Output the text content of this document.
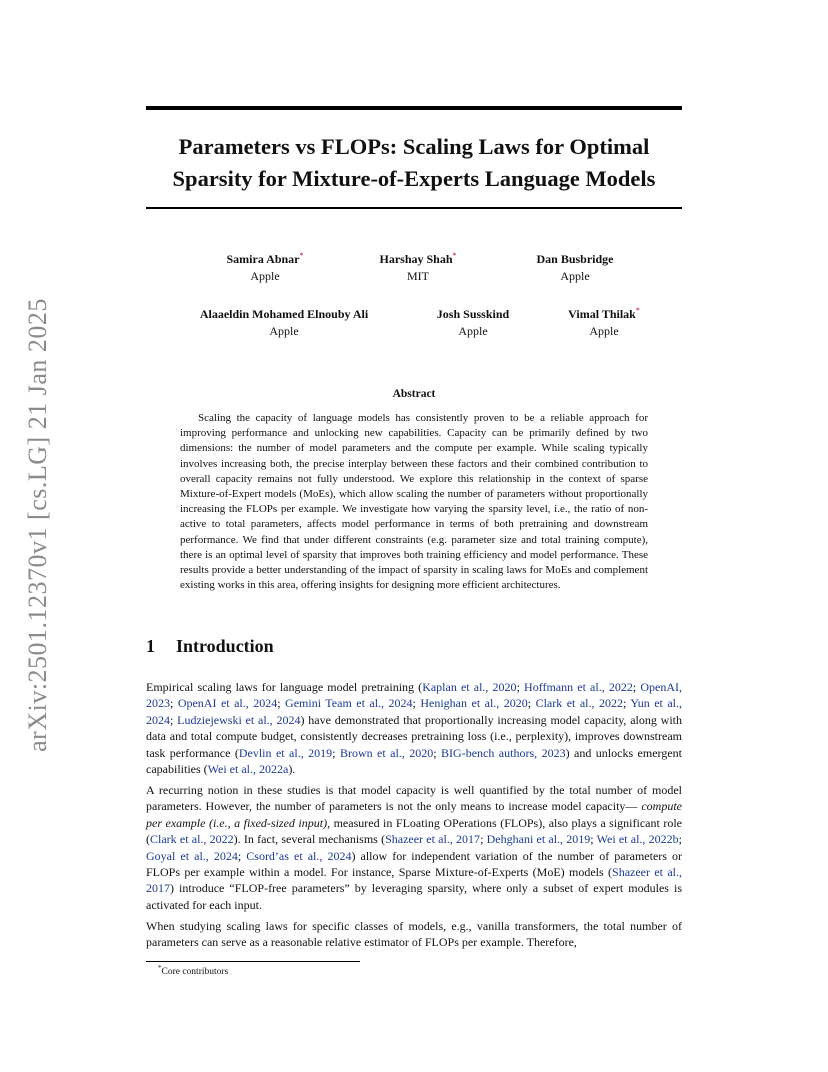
arXiv:2501.12370v1 [cs.LG] 21 Jan 2025
Parameters vs FLOPs: Scaling Laws for Optimal
Sparsity for Mixture-of-Experts Language Models
Samira Abnar*
Apple
Harshay Shah*
MIT
Dan Busbridge
Apple
Alaaeldin Mohamed Elnouby Ali
Apple
Josh Susskind
Apple
Vimal Thilak*
Apple
Abstract
Scaling the capacity of language models has consistently proven to be a reliable approach for improving performance and unlocking new capabilities. Capacity can be primarily defined by two dimensions: the number of model parameters and the compute per example. While scaling typically involves increasing both, the precise interplay between these factors and their combined contribution to overall capacity remains not fully understood. We explore this relationship in the context of sparse Mixture-of-Expert models (MoEs), which allow scaling the number of parameters without proportionally increasing the FLOPs per example. We investigate how varying the sparsity level, i.e., the ratio of non-active to total parameters, affects model performance in terms of both pretraining and downstream performance. We find that under different constraints (e.g. parameter size and total training compute), there is an optimal level of sparsity that improves both training efficiency and model performance. These results provide a better understanding of the impact of sparsity in scaling laws for MoEs and complement existing works in this area, offering insights for designing more efficient architectures.
1 Introduction

Empirical scaling laws for language model pretraining (Kaplan et al., 2020; Hoffmann et al., 2022; OpenAI, 2023; OpenAI et al., 2024; Gemini Team et al., 2024; Henighan et al., 2020; Clark et al., 2022; Yun et al., 2024; Ludziejewski et al., 2024) have demonstrated that proportionally increasing model capacity, along with data and total compute budget, consistently decreases pretraining loss (i.e., perplexity), improves downstream task performance (Devlin et al., 2019; Brown et al., 2020; BIG-bench authors, 2023) and unlocks emergent capabilities (Wei et al., 2022a).

A recurring notion in these studies is that model capacity is well quantified by the total number of model parameters. However, the number of parameters is not the only means to increase model capacity— compute per example (i.e., a fixed-sized input), measured in FLoating OPerations (FLOPs), also plays a significant role (Clark et al., 2022). In fact, several mechanisms (Shazeer et al., 2017; Dehghani et al., 2019; Wei et al., 2022b; Goyal et al., 2024; Csord’as et al., 2024) allow for independent variation of the number of parameters or FLOPs per example within a model. For instance, Sparse Mixture-of-Experts (MoE) models (Shazeer et al., 2017) introduce “FLOP-free parameters” by leveraging sparsity, where only a subset of expert modules is activated for each input.

When studying scaling laws for specific classes of models, e.g., vanilla transformers, the total number of parameters can serve as a reasonable relative estimator of FLOPs per example. Therefore,

*Core contributors
